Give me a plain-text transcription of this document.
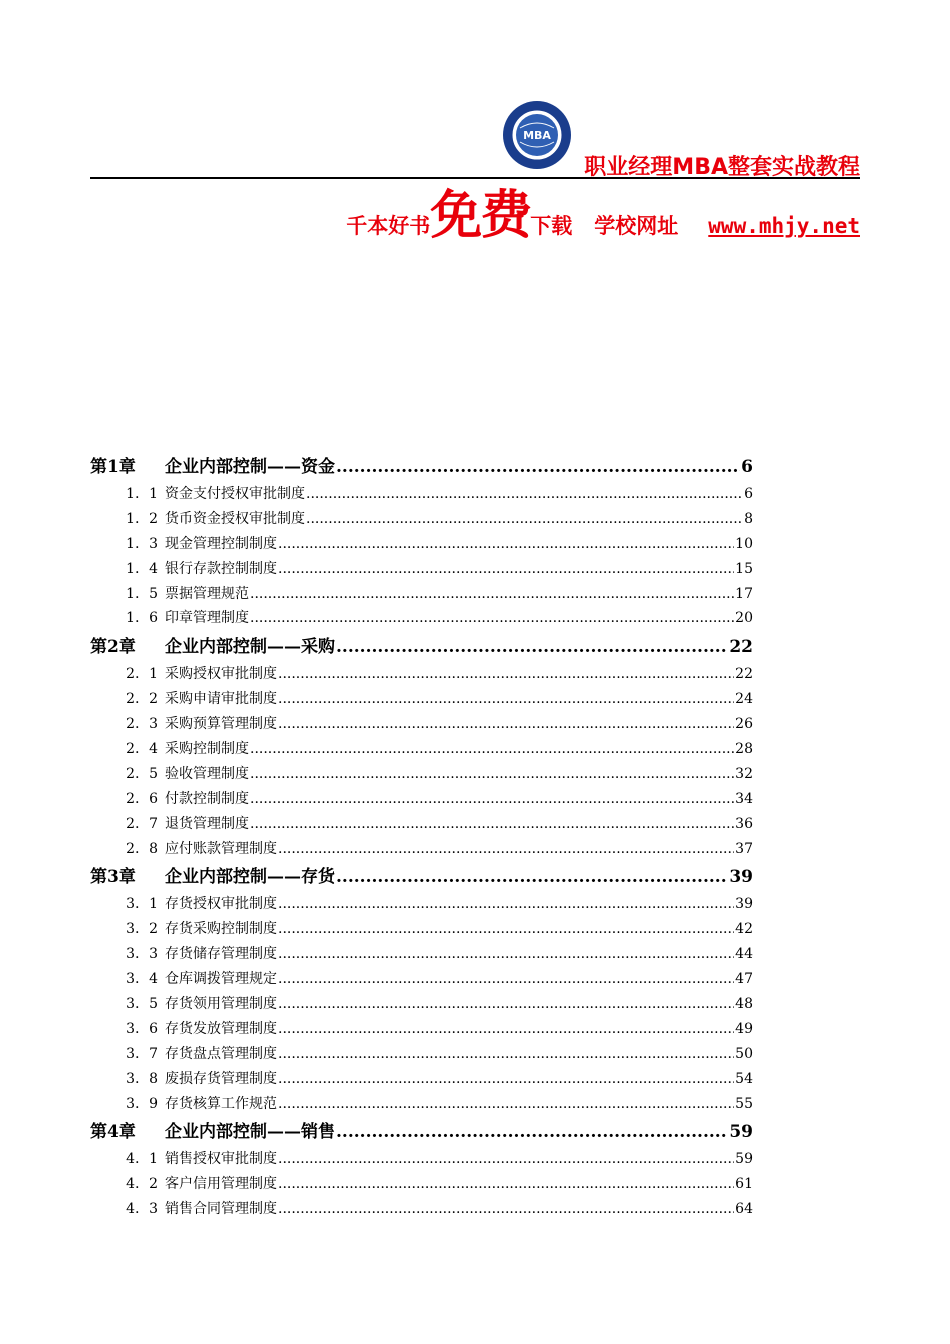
MBA
职业经理MBA整套实战教程
千本好书免费下载 学校网址 www.mhjy.net
第1章	企业内部控制——资金 .....	6
1．1 资金支付授权审批制度 .....	6
1．2 货币资金授权审批制度 .....	8
1．3 现金管理控制制度 .....	10
1．4 银行存款控制制度 .....	15
1．5 票据管理规范 .....	17
1．6 印章管理制度 .....	20
第2章	企业内部控制——采购 .....	22
2．1 采购授权审批制度 .....	22
2．2 采购申请审批制度 .....	24
2．3 采购预算管理制度 .....	26
2．4 采购控制制度 .....	28
2．5 验收管理制度 .....	32
2．6 付款控制制度 .....	34
2．7 退货管理制度 .....	36
2．8 应付账款管理制度 .....	37
第3章	企业内部控制——存货 .....	39
3．1 存货授权审批制度 .....	39
3．2 存货采购控制制度 .....	42
3．3 存货储存管理制度 .....	44
3．4 仓库调拨管理规定 .....	47
3．5 存货领用管理制度 .....	48
3．6 存货发放管理制度 .....	49
3．7 存货盘点管理制度 .....	50
3．8 废损存货管理制度 .....	54
3．9 存货核算工作规范 .....	55
第4章	企业内部控制——销售 .....	59
4．1 销售授权审批制度 .....	59
4．2 客户信用管理制度 .....	61
4．3 销售合同管理制度 .....	64
